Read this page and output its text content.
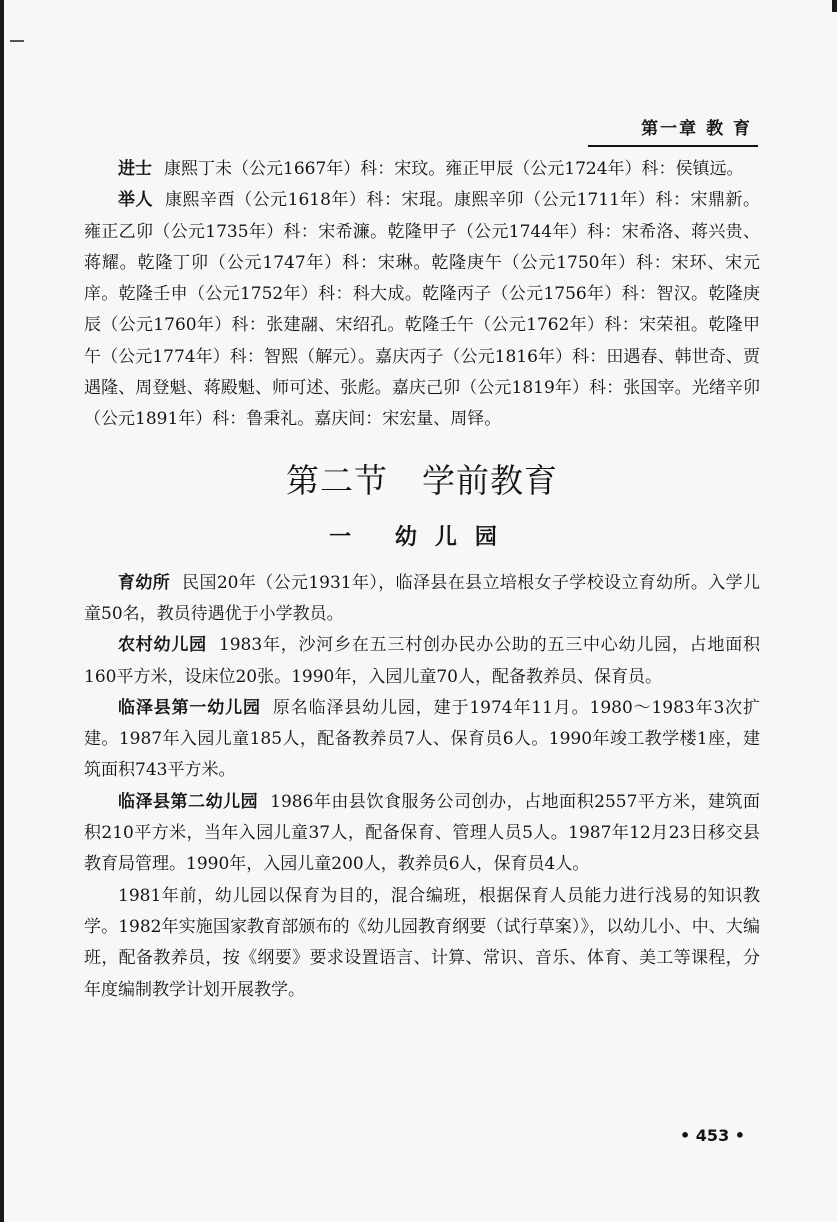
第一章 教 育

进士 康熙丁未（公元1667年）科：宋玟。雍正甲辰（公元1724年）科：侯镇远。

举人 康熙辛酉（公元1618年）科：宋琨。康熙辛卯（公元1711年）科：宋鼎新。雍正乙卯（公元1735年）科：宋希濂。乾隆甲子（公元1744年）科：宋希洛、蒋兴贵、蒋耀。乾隆丁卯（公元1747年）科：宋琳。乾隆庚午（公元1750年）科：宋环、宋元庠。乾隆壬申（公元1752年）科：科大成。乾隆丙子（公元1756年）科：智汉。乾隆庚辰（公元1760年）科：张建翮、宋绍孔。乾隆壬午（公元1762年）科：宋荣祖。乾隆甲午（公元1774年）科：智熙（解元）。嘉庆丙子（公元1816年）科：田遇春、韩世奇、贾遇隆、周登魁、蒋殿魁、师可述、张彪。嘉庆己卯（公元1819年）科：张国宰。光绪辛卯（公元1891年）科：鲁秉礼。嘉庆间：宋宏量、周铎。

第二节　学前教育
一 幼儿园

育幼所 民国20年（公元1931年），临泽县在县立培根女子学校设立育幼所。入学儿童50名，教员待遇优于小学教员。

农村幼儿园 1983年，沙河乡在五三村创办民办公助的五三中心幼儿园，占地面积160平方米，设床位20张。1990年，入园儿童70人，配备教养员、保育员。

临泽县第一幼儿园 原名临泽县幼儿园，建于1974年11月。1980～1983年3次扩建。1987年入园儿童185人，配备教养员7人、保育员6人。1990年竣工教学楼1座，建筑面积743平方米。

临泽县第二幼儿园 1986年由县饮食服务公司创办，占地面积2557平方米，建筑面积210平方米，当年入园儿童37人，配备保育、管理人员5人。1987年12月23日移交县教育局管理。1990年，入园儿童200人，教养员6人，保育员4人。

1981年前，幼儿园以保育为目的，混合编班，根据保育人员能力进行浅易的知识教学。1982年实施国家教育部颁布的《幼儿园教育纲要（试行草案）》，以幼儿小、中、大编班，配备教养员，按《纲要》要求设置语言、计算、常识、音乐、体育、美工等课程，分年度编制教学计划开展教学。

• 453 •
